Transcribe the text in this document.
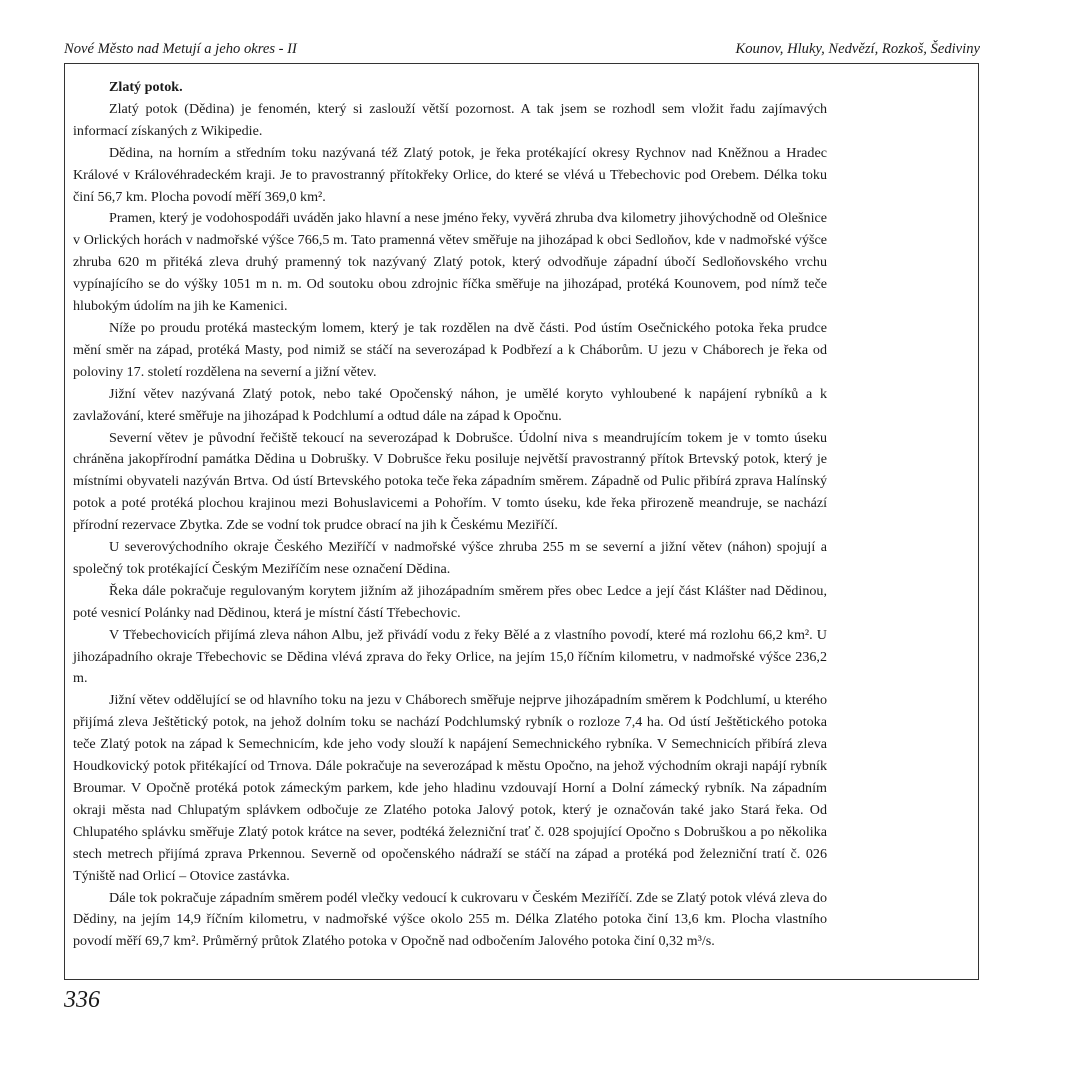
Nové Město nad Metují a jeho okres - II	Kounov, Hluky, Nedvězí, Rozkoš, Šediviny

Zlatý potok.

Zlatý potok (Dědina) je fenomén, který si zaslouží větší pozornost. A tak jsem se rozhodl sem vložit řadu zajímavých informací získaných z Wikipedie.

Dědina, na horním a středním toku nazývaná též Zlatý potok, je řeka protékající okresy Rychnov nad Kněžnou a Hradec Králové v Královéhradeckém kraji. Je to pravostranný přítokřeky Orlice, do které se vlévá u Třebechovic pod Orebem. Délka toku činí 56,7 km. Plocha povodí měří 369,0 km².

Pramen, který je vodohospodáři uváděn jako hlavní a nese jméno řeky, vyvěrá zhruba dva kilometry jihovýchodně od Olešnice v Orlických horách v nadmořské výšce 766,5 m. Tato pramenná větev směřuje na jihozápad k obci Sedloňov, kde v nadmořské výšce zhruba 620 m přitéká zleva druhý pramenný tok nazývaný Zlatý potok, který odvodňuje západní úbočí Sedloňovského vrchu vypínajícího se do výšky 1051 m n. m. Od soutoku obou zdrojnic říčka směřuje na jihozápad, protéká Kounovem, pod nímž teče hlubokým údolím na jih ke Kamenici.

Níže po proudu protéká masteckým lomem, který je tak rozdělen na dvě části. Pod ústím Osečnického potoka řeka prudce mění směr na západ, protéká Masty, pod nimiž se stáčí na severozápad k Podbřezí a k Cháborům. U jezu v Cháborech je řeka od poloviny 17. století rozdělena na severní a jižní větev.

Jižní větev nazývaná Zlatý potok, nebo také Opočenský náhon, je umělé koryto vyhloubené k napájení rybníků a k zavlažování, které směřuje na jihozápad k Podchlumí a odtud dále na západ k Opočnu.

Severní větev je původní řečiště tekoucí na severozápad k Dobrušce. Údolní niva s meandrujícím tokem je v tomto úseku chráněna jakopřírodní památka Dědina u Dobrušky. V Dobrušce řeku posiluje největší pravostranný přítok Brtevský potok, který je místními obyvateli nazýván Brtva. Od ústí Brtevského potoka teče řeka západním směrem. Západně od Pulic přibírá zprava Halínský potok a poté protéká plochou krajinou mezi Bohuslavicemi a Pohořím. V tomto úseku, kde řeka přirozeně meandruje, se nachází přírodní rezervace Zbytka. Zde se vodní tok prudce obrací na jih k Českému Meziříčí.

U severovýchodního okraje Českého Meziříčí v nadmořské výšce zhruba 255 m se severní a jižní větev (náhon) spojují a společný tok protékající Českým Meziříčím nese označení Dědina.

Řeka dále pokračuje regulovaným korytem jižním až jihozápadním směrem přes obec Ledce a její část Klášter nad Dědinou, poté vesnicí Polánky nad Dědinou, která je místní částí Třebechovic.

V Třebechovicích přijímá zleva náhon Albu, jež přivádí vodu z řeky Bělé a z vlastního povodí, které má rozlohu 66,2 km². U jihozápadního okraje Třebechovic se Dědina vlévá zprava do řeky Orlice, na jejím 15,0 říčním kilometru, v nadmořské výšce 236,2 m.

Jižní větev oddělující se od hlavního toku na jezu v Cháborech směřuje nejprve jihozápadním směrem k Podchlumí, u kterého přijímá zleva Ještětický potok, na jehož dolním toku se nachází Podchlumský rybník o rozloze 7,4 ha. Od ústí Ještětického potoka teče Zlatý potok na západ k Semechnicím, kde jeho vody slouží k napájení Semechnického rybníka. V Semechnicích přibírá zleva Houdkovický potok přitékající od Trnova. Dále pokračuje na severozápad k městu Opočno, na jehož východním okraji napájí rybník Broumar. V Opočně protéká potok zámeckým parkem, kde jeho hladinu vzdouvají Horní a Dolní zámecký rybník. Na západním okraji města nad Chlupatým splávkem odbočuje ze Zlatého potoka Jalový potok, který je označován také jako Stará řeka. Od Chlupatého splávku směřuje Zlatý potok krátce na sever, podtéká železniční trať č. 028 spojující Opočno s Dobruškou a po několika stech metrech přijímá zprava Prkennou. Severně od opočenského nádraží se stáčí na západ a protéká pod železniční tratí č. 026 Týniště nad Orlicí – Otovice zastávka.

Dále tok pokračuje západním směrem podél vlečky vedoucí k cukrovaru v Českém Meziříčí. Zde se Zlatý potok vlévá zleva do Dědiny, na jejím 14,9 říčním kilometru, v nadmořské výšce okolo 255 m. Délka Zlatého potoka činí 13,6 km. Plocha vlastního povodí měří 69,7 km². Průměrný průtok Zlatého potoka v Opočně nad odbočením Jalového potoka činí 0,32 m³/s.

336
